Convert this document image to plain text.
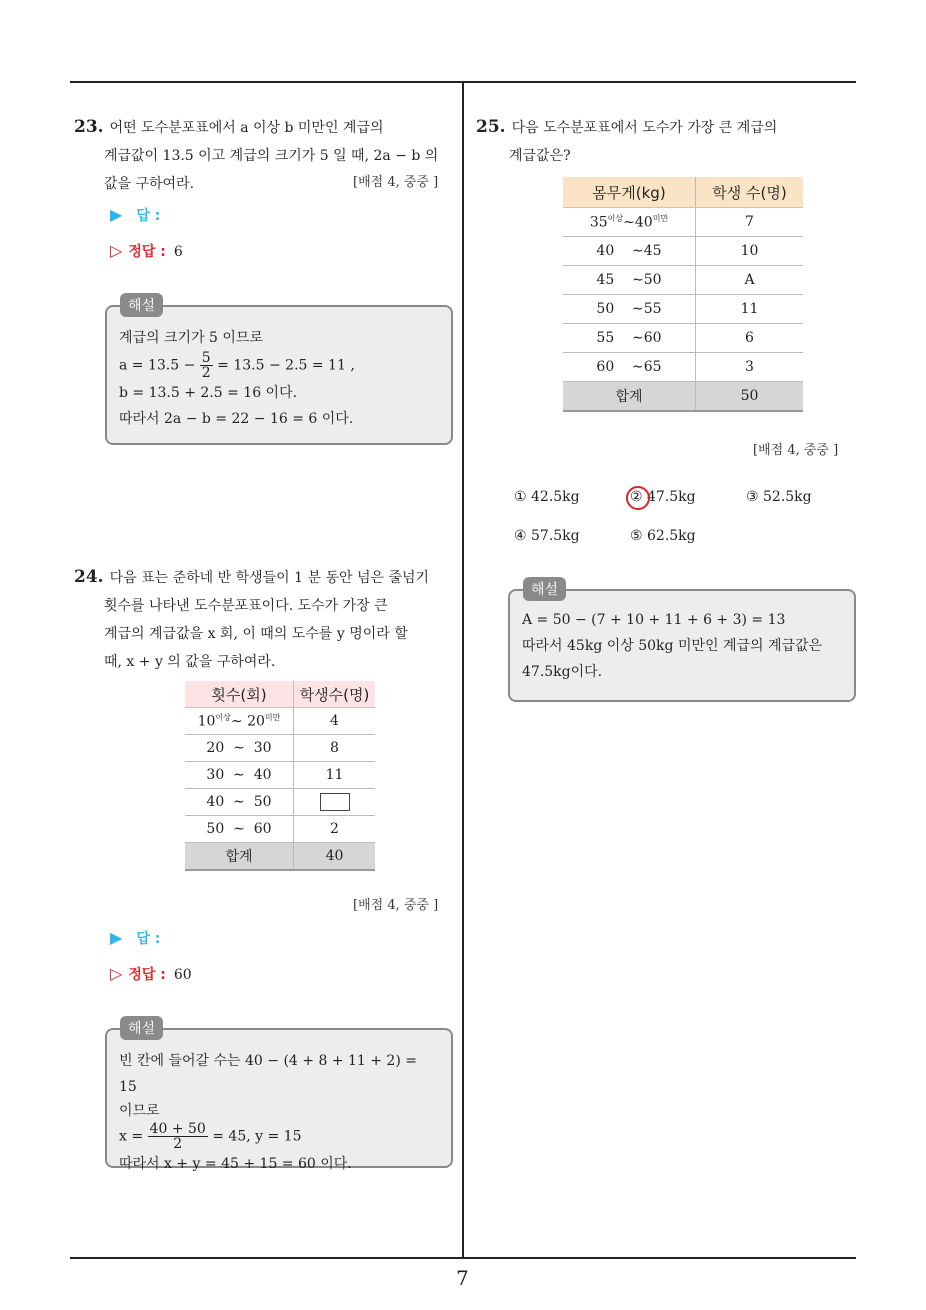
23. 어떤 도수분포표에서 a 이상 b 미만인 계급의
계급값이 13.5 이고 계급의 크기가 5 일 때, 2a − b 의
값을 구하여라.	[배점 4, 중중 ]
▶ 답 :
▷ 정답 : 6
계급의 크기가 5 이므로
$a = 13.5 - \frac{5}{2} = 13.5 - 2.5 = 11$ ,
b = 13.5 + 2.5 = 16 이다.
따라서 2a − b = 22 − 16 = 6 이다.
해설
24. 다음 표는 준하네 반 학생들이 1 분 동안 넘은 줄넘기
횟수를 나타낸 도수분포표이다. 도수가 가장 큰
계급의 계급값을 x 회, 이 때의 도수를 y 명이라 할
때, x + y 의 값을 구하여라.
횟수(회)	학생수(명)
$10^{이상}\sim$ $20^{미만}$	4
20  ∼  30	8
30  ∼  40	11
40  ∼  50	
50  ∼  60	2
합계	40
[배점 4, 중중 ]
▶ 답 :
▷ 정답 : 60
빈 칸에 들어갈 수는 40 − (4 + 8 + 11 + 2) = 15
이므로
$x = \frac{40 + 50}{2} = 45$, y = 15
따라서 x + y = 45 + 15 = 60 이다.
해설
25. 다음 도수분포표에서 도수가 가장 큰 계급의
계급값은?
몸무게(kg)	학생 수(명)
$35^{이상}\sim 40^{미만}$	7
40    ∼45	10
45    ∼50	A
50    ∼55	11
55    ∼60	6
60    ∼65	3
합계	50
[배점 4, 중중 ]
① 42.5kg	② 47.5kg	③ 52.5kg
④ 57.5kg	⑤ 62.5kg
A = 50 − (7 + 10 + 11 + 6 + 3) = 13
따라서 45kg 이상 50kg 미만인 계급의 계급값은
47.5kg이다.
해설
7
